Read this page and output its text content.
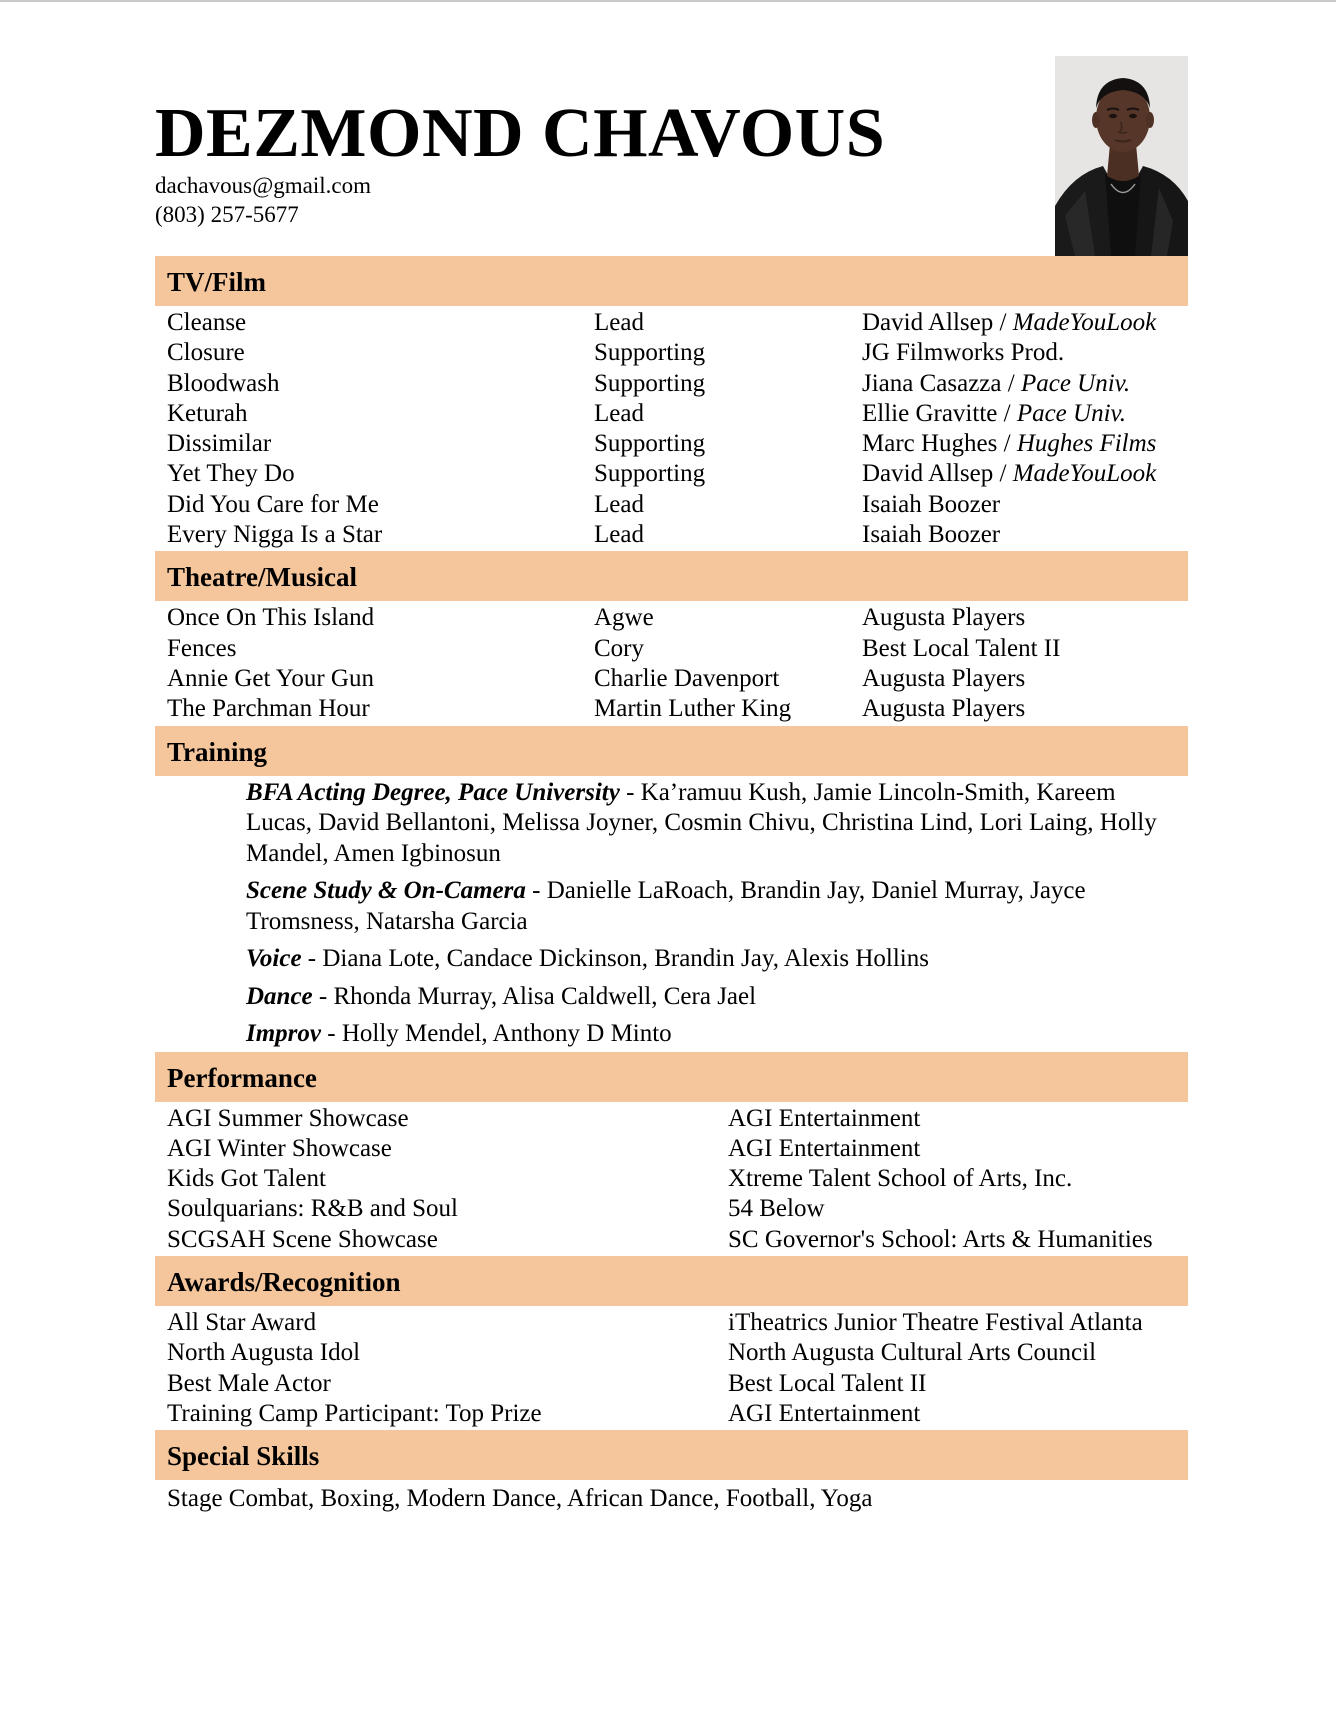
DEZMOND CHAVOUS
dachavous@gmail.com
(803) 257-5677
TV/Film
Cleanse	Lead	David Allsep / MadeYouLook
Closure	Supporting	JG Filmworks Prod.
Bloodwash	Supporting	Jiana Casazza / Pace Univ.
Keturah	Lead	Ellie Gravitte / Pace Univ.
Dissimilar	Supporting	Marc Hughes / Hughes Films
Yet They Do	Supporting	David Allsep / MadeYouLook
Did You Care for Me	Lead	Isaiah Boozer
Every Nigga Is a Star	Lead	Isaiah Boozer
Theatre/Musical
Once On This Island	Agwe	Augusta Players
Fences	Cory	Best Local Talent II
Annie Get Your Gun	Charlie Davenport	Augusta Players
The Parchman Hour	Martin Luther King	Augusta Players
Training
BFA Acting Degree, Pace University - Ka’ramuu Kush, Jamie Lincoln-Smith, Kareem Lucas, David Bellantoni, Melissa Joyner, Cosmin Chivu, Christina Lind, Lori Laing, Holly Mandel, Amen Igbinosun
Scene Study & On-Camera - Danielle LaRoach, Brandin Jay, Daniel Murray, Jayce Tromsness, Natarsha Garcia
Voice - Diana Lote, Candace Dickinson, Brandin Jay, Alexis Hollins
Dance - Rhonda Murray, Alisa Caldwell, Cera Jael
Improv - Holly Mendel, Anthony D Minto
Performance
AGI Summer Showcase	AGI Entertainment
AGI Winter Showcase	AGI Entertainment
Kids Got Talent	Xtreme Talent School of Arts, Inc.
Soulquarians: R&B and Soul	54 Below
SCGSAH Scene Showcase	SC Governor's School: Arts & Humanities
Awards/Recognition
All Star Award	iTheatrics Junior Theatre Festival Atlanta
North Augusta Idol	North Augusta Cultural Arts Council
Best Male Actor	Best Local Talent II
Training Camp Participant: Top Prize	AGI Entertainment
Special Skills
Stage Combat, Boxing, Modern Dance, African Dance, Football, Yoga
